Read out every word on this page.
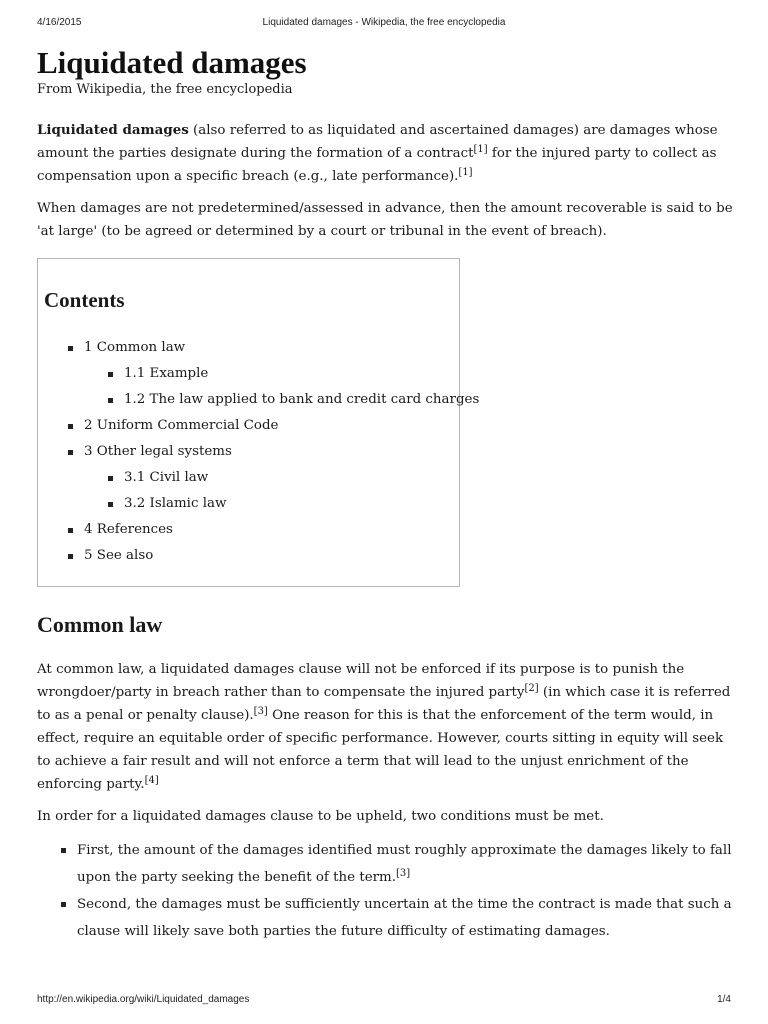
4/16/2015	Liquidated damages - Wikipedia, the free encyclopedia
Liquidated damages
From Wikipedia, the free encyclopedia

Liquidated damages (also referred to as liquidated and ascertained damages) are damages whose amount the parties designate during the formation of a contract[1] for the injured party to collect as compensation upon a specific breach (e.g., late performance).[1]

When damages are not predetermined/assessed in advance, then the amount recoverable is said to be 'at large' (to be agreed or determined by a court or tribunal in the event of breach).

Contents
1 Common law
1.1 Example
1.2 The law applied to bank and credit card charges
2 Uniform Commercial Code
3 Other legal systems
3.1 Civil law
3.2 Islamic law
4 References
5 See also
Common law

At common law, a liquidated damages clause will not be enforced if its purpose is to punish the wrongdoer/party in breach rather than to compensate the injured party[2] (in which case it is referred to as a penal or penalty clause).[3] One reason for this is that the enforcement of the term would, in effect, require an equitable order of specific performance. However, courts sitting in equity will seek to achieve a fair result and will not enforce a term that will lead to the unjust enrichment of the enforcing party.[4]

In order for a liquidated damages clause to be upheld, two conditions must be met.

First, the amount of the damages identified must roughly approximate the damages likely to fall upon the party seeking the benefit of the term.[3]
Second, the damages must be sufficiently uncertain at the time the contract is made that such a clause will likely save both parties the future difficulty of estimating damages.
http://en.wikipedia.org/wiki/Liquidated_damages	1/4
